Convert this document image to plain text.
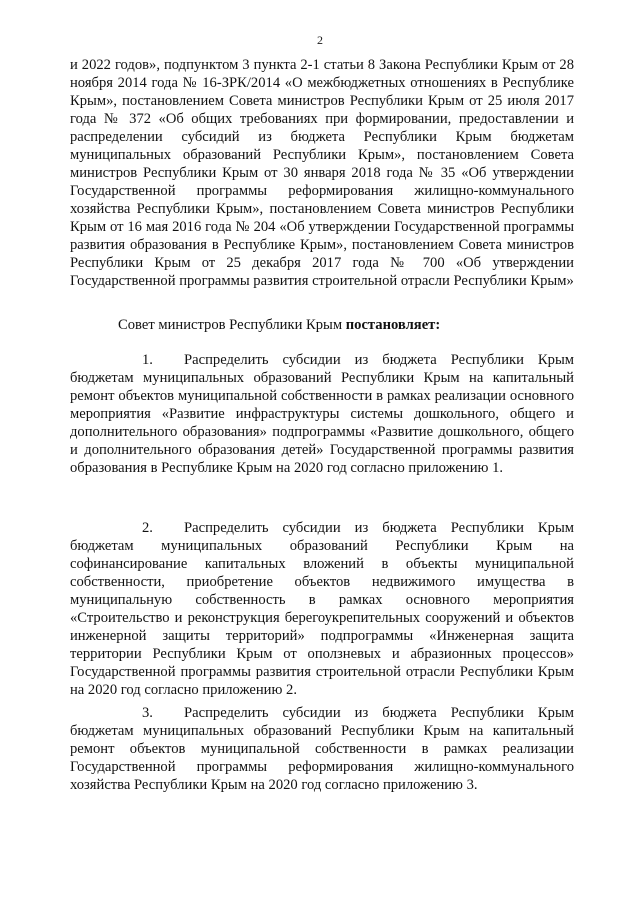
2

и 2022 годов», подпунктом 3 пункта 2-1 статьи 8 Закона Республики Крым от 28 ноября 2014 года № 16-ЗРК/2014 «О межбюджетных отношениях в Республике Крым», постановлением Совета министров Республики Крым от 25 июля 2017 года № 372 «Об общих требованиях при формировании, предоставлении и распределении субсидий из бюджета Республики Крым бюджетам муниципальных образований Республики Крым», постановлением Совета министров Республики Крым от 30 января 2018 года № 35 «Об утверждении Государственной программы реформирования жилищно-коммунального хозяйства Республики Крым», постановлением Совета министров Республики Крым от 16 мая 2016 года № 204 «Об утверждении Государственной программы развития образования в Республике Крым», постановлением Совета министров Республики Крым от 25 декабря 2017 года № 700 «Об утверждении Государственной программы развития строительной отрасли Республики Крым»

Совет министров Республики Крым постановляет:

1. Распределить субсидии из бюджета Республики Крым бюджетам муниципальных образований Республики Крым на капитальный ремонт объектов муниципальной собственности в рамках реализации основного мероприятия «Развитие инфраструктуры системы дошкольного, общего и дополнительного образования» подпрограммы «Развитие дошкольного, общего и дополнительного образования детей» Государственной программы развития образования в Республике Крым на 2020 год согласно приложению 1.

2. Распределить субсидии из бюджета Республики Крым бюджетам муниципальных образований Республики Крым на софинансирование капитальных вложений в объекты муниципальной собственности, приобретение объектов недвижимого имущества в муниципальную собственность в рамках основного мероприятия «Строительство и реконструкция берегоукрепительных сооружений и объектов инженерной защиты территорий» подпрограммы «Инженерная защита территории Республики Крым от оползневых и абразионных процессов» Государственной программы развития строительной отрасли Республики Крым на 2020 год согласно приложению 2.

3. Распределить субсидии из бюджета Республики Крым бюджетам муниципальных образований Республики Крым на капитальный ремонт объектов муниципальной собственности в рамках реализации Государственной программы реформирования жилищно-коммунального хозяйства Республики Крым на 2020 год согласно приложению 3.
